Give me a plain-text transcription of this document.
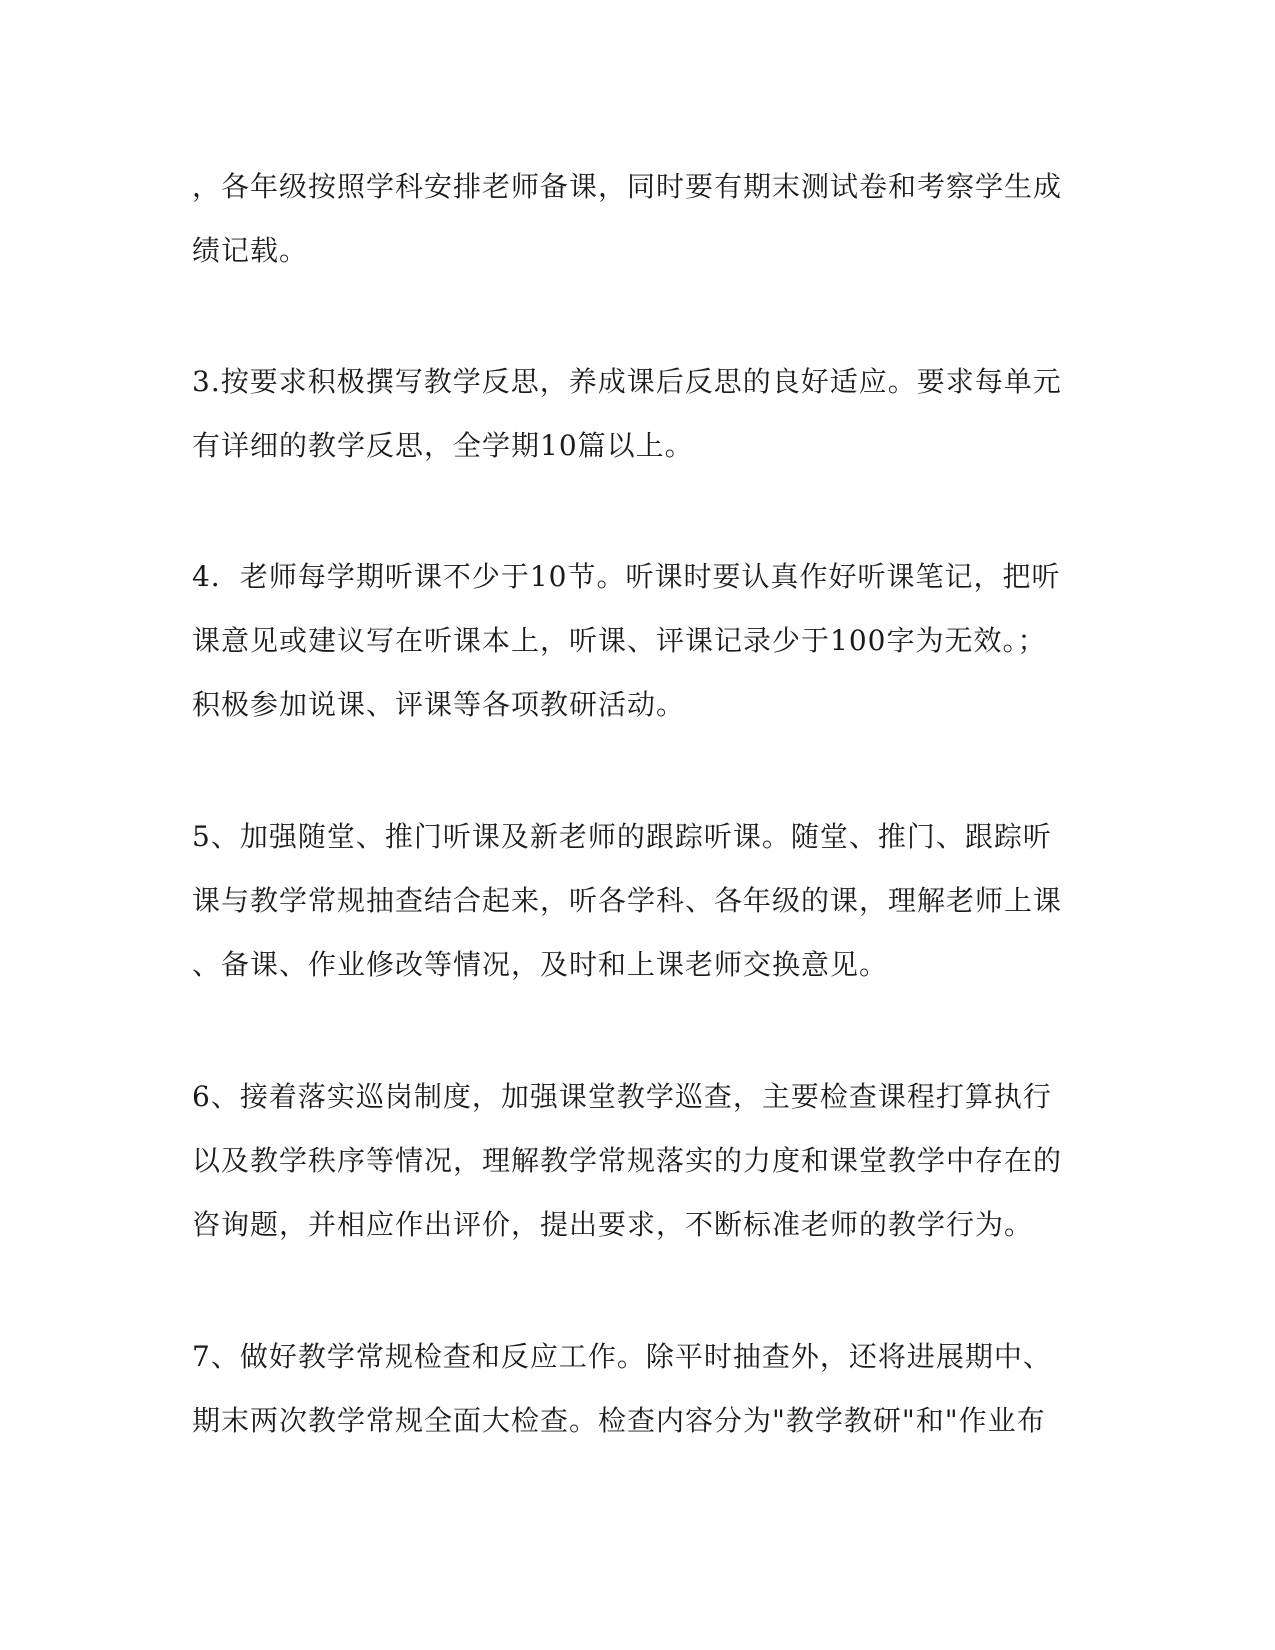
，各年级按照学科安排老师备课，同时要有期末测试卷和考察学生成
绩记载。

3.按要求积极撰写教学反思，养成课后反思的良好适应。要求每单元
有详细的教学反思，全学期10篇以上。

4．老师每学期听课不少于10节。听课时要认真作好听课笔记，把听
课意见或建议写在听课本上，听课、评课记录少于100字为无效。；
积极参加说课、评课等各项教研活动。

5、加强随堂、推门听课及新老师的跟踪听课。随堂、推门、跟踪听
课与教学常规抽查结合起来，听各学科、各年级的课，理解老师上课
、备课、作业修改等情况，及时和上课老师交换意见。

6、接着落实巡岗制度，加强课堂教学巡查，主要检查课程打算执行
以及教学秩序等情况，理解教学常规落实的力度和课堂教学中存在的
咨询题，并相应作出评价，提出要求，不断标准老师的教学行为。

7、做好教学常规检查和反应工作。除平时抽查外，还将进展期中、
期末两次教学常规全面大检查。检查内容分为"教学教研"和"作业布
